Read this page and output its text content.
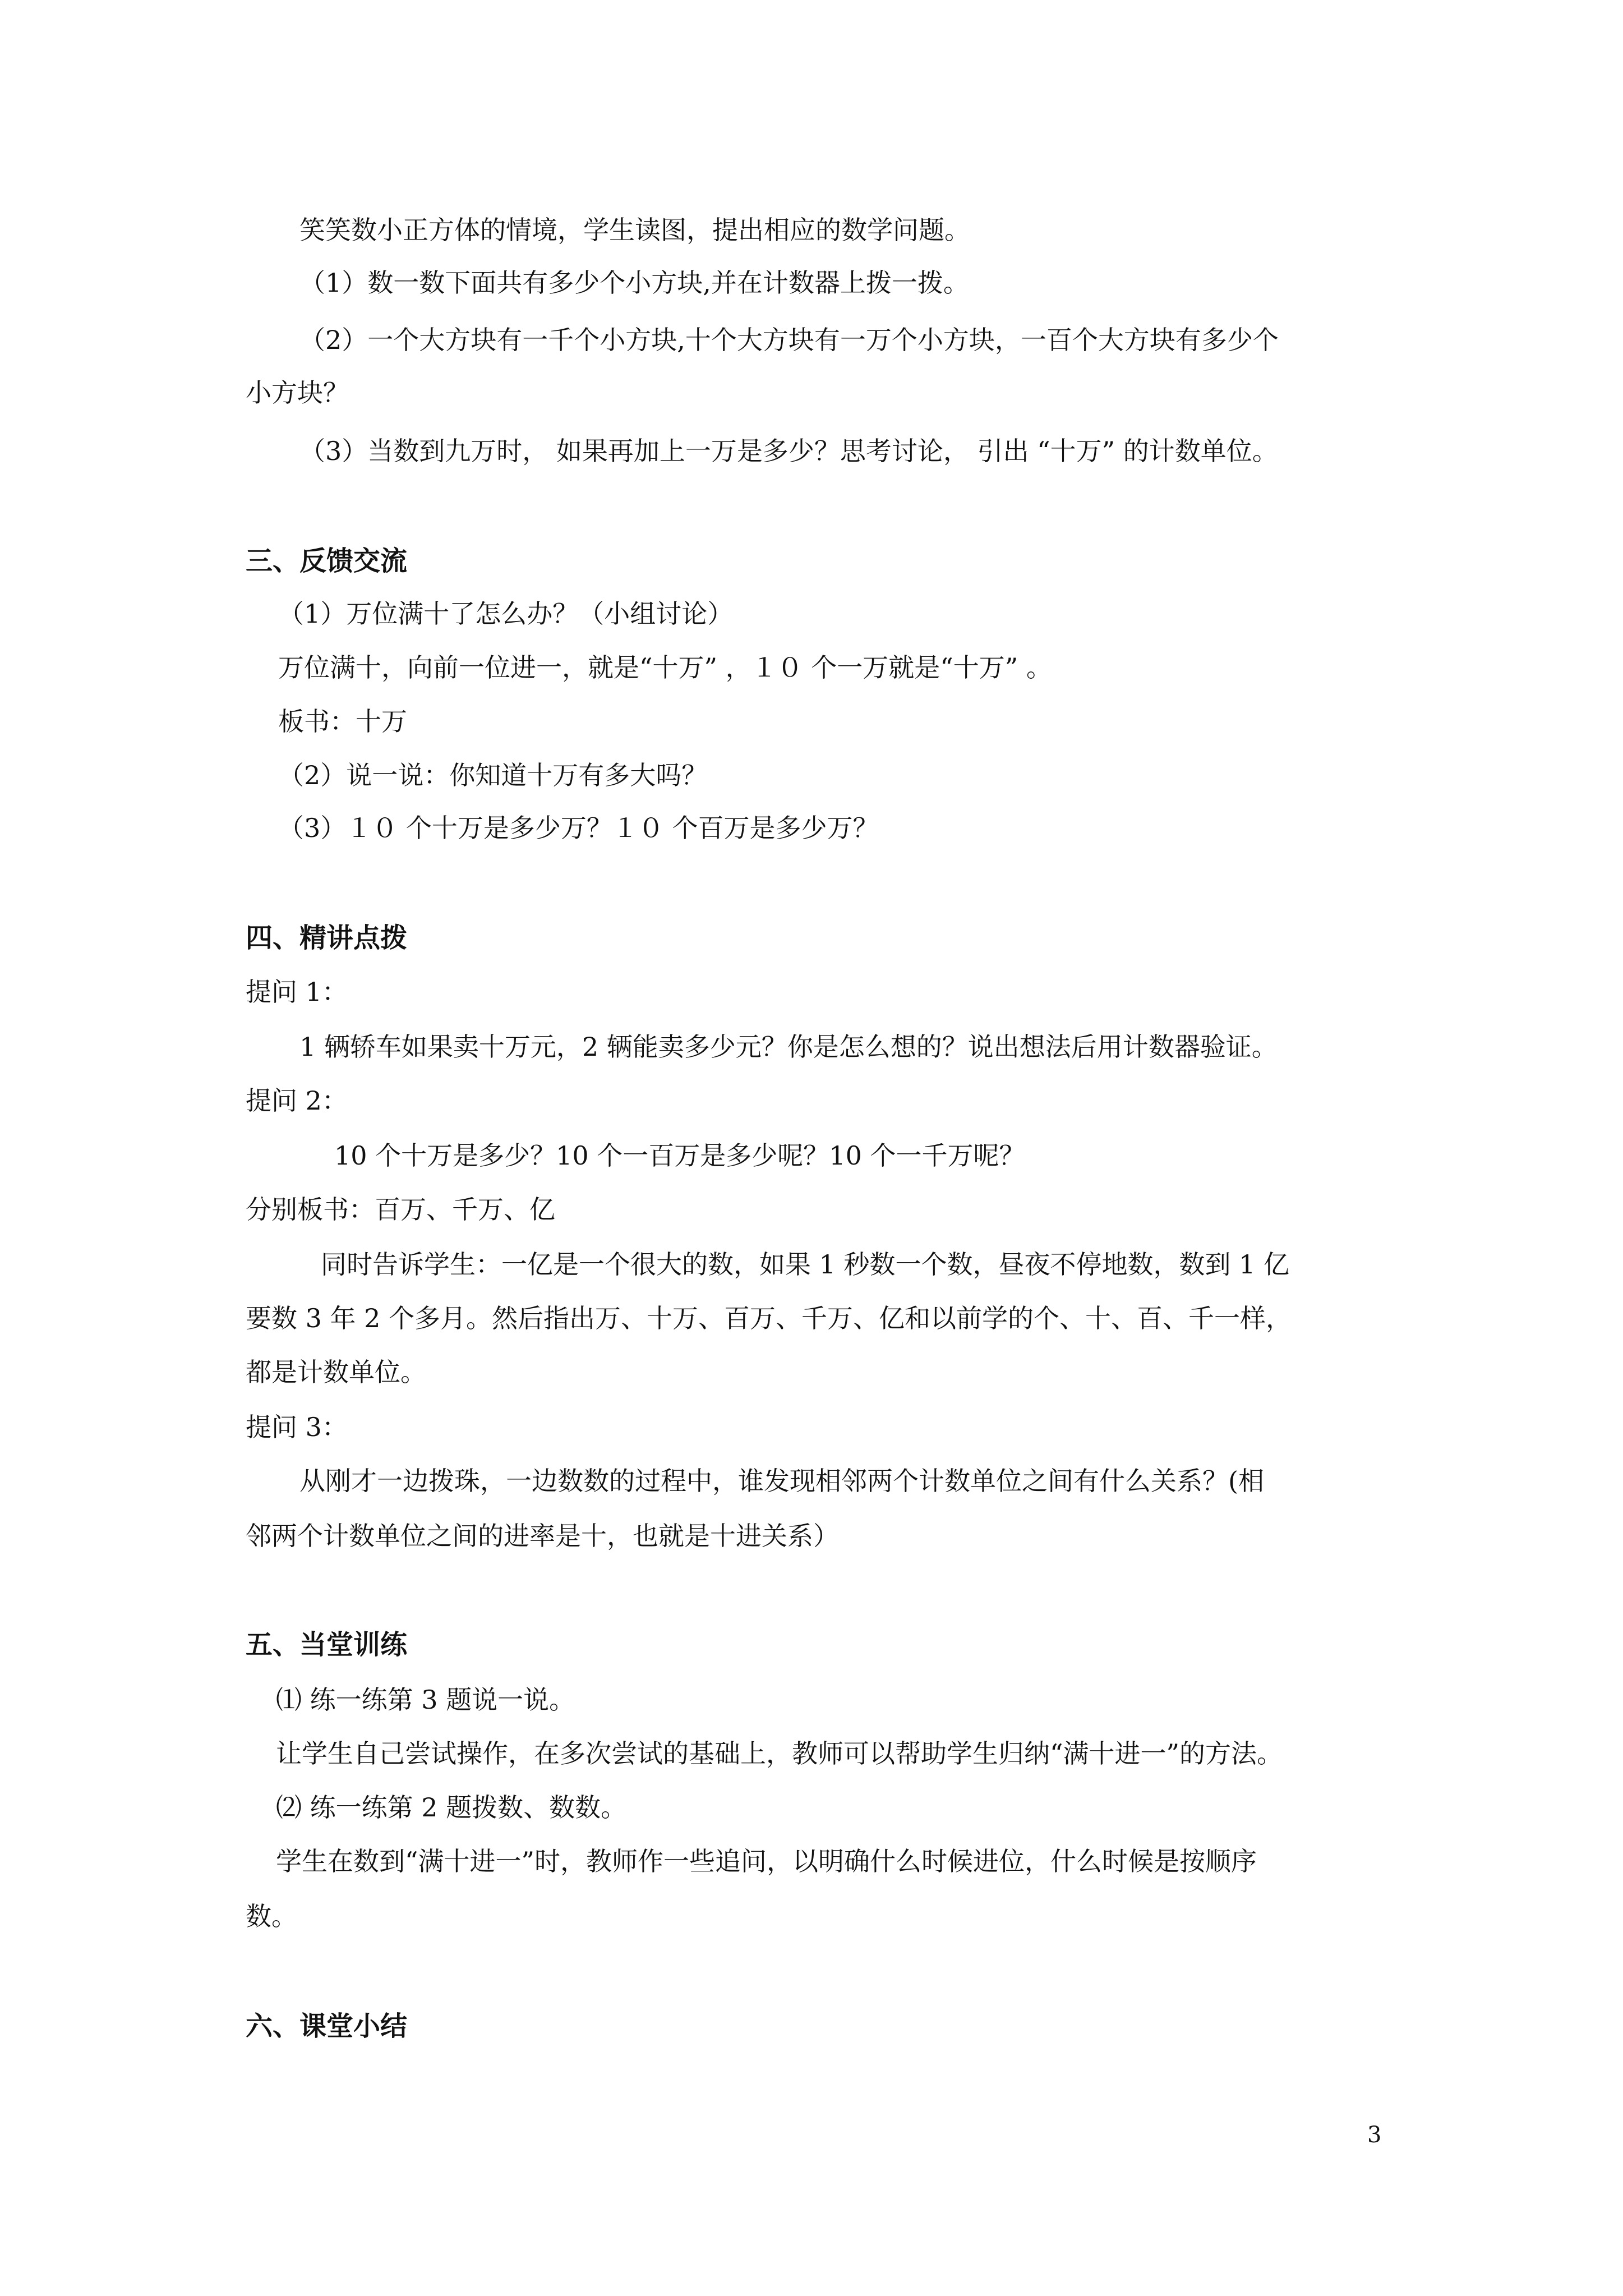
笑笑数小正方体的情境，学生读图，提出相应的数学问题。
（1）数一数下面共有多少个小方块,并在计数器上拨一拨。
（2）一个大方块有一千个小方块,十个大方块有一万个小方块，一百个大方块有多少个
小方块？
（3）当数到九万时， 如果再加上一万是多少？思考讨论， 引出 “十万” 的计数单位。
三、反馈交流
（1）万位满十了怎么办？（小组讨论）
万位满十，向前一位进一，就是“十万” ，１０ 个一万就是“十万” 。
板书：十万
（2）说一说：你知道十万有多大吗？
（3）１０ 个十万是多少万？１０ 个百万是多少万？
四、精讲点拨
提问 1：
1 辆轿车如果卖十万元，2 辆能卖多少元？你是怎么想的？说出想法后用计数器验证。
提问 2：
10 个十万是多少？10 个一百万是多少呢？10 个一千万呢？
分别板书：百万、千万、亿
同时告诉学生：一亿是一个很大的数，如果 1 秒数一个数，昼夜不停地数，数到 1 亿
要数 3 年 2 个多月。然后指出万、十万、百万、千万、亿和以前学的个、十、百、千一样，
都是计数单位。
提问 3：
从刚才一边拨珠，一边数数的过程中，谁发现相邻两个计数单位之间有什么关系？(相
邻两个计数单位之间的进率是十，也就是十进关系）
五、当堂训练
⑴ 练一练第 3 题说一说。
让学生自己尝试操作，在多次尝试的基础上，教师可以帮助学生归纳“满十进一”的方法。
⑵ 练一练第 2 题拨数、数数。
学生在数到“满十进一”时，教师作一些追问，以明确什么时候进位，什么时候是按顺序
数。
六、课堂小结
3
